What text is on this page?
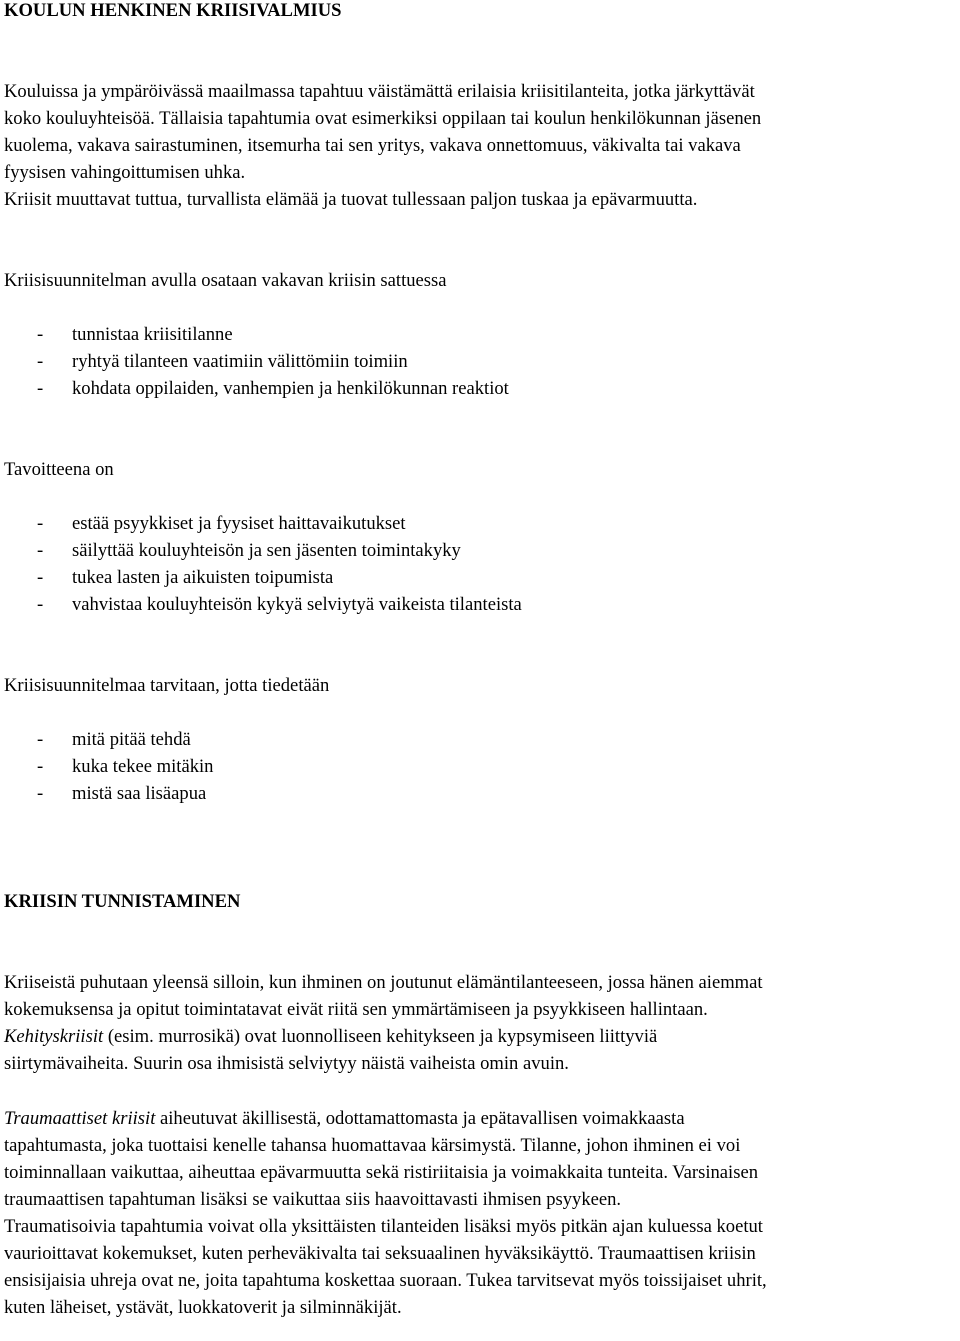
KOULUN HENKINEN KRIISIVALMIUS
Kouluissa ja ympäröivässä maailmassa tapahtuu väistämättä erilaisia kriisitilanteita, jotka järkyttävät
koko kouluyhteisöä. Tällaisia tapahtumia ovat esimerkiksi oppilaan tai koulun henkilökunnan jäsenen
kuolema, vakava sairastuminen, itsemurha tai sen yritys, vakava onnettomuus, väkivalta tai vakava
fyysisen vahingoittumisen uhka.
Kriisit muuttavat tuttua, turvallista elämää ja tuovat tullessaan paljon tuskaa ja epävarmuutta.
Kriisisuunnitelman avulla osataan vakavan kriisin sattuessa
- tunnistaa kriisitilanne
- ryhtyä tilanteen vaatimiin välittömiin toimiin
- kohdata oppilaiden, vanhempien ja henkilökunnan reaktiot
Tavoitteena on
- estää psyykkiset ja fyysiset haittavaikutukset
- säilyttää kouluyhteisön ja sen jäsenten toimintakyky
- tukea lasten ja aikuisten toipumista
- vahvistaa kouluyhteisön kykyä selviytyä vaikeista tilanteista
Kriisisuunnitelmaa tarvitaan, jotta tiedetään
- mitä pitää tehdä
- kuka tekee mitäkin
- mistä saa lisäapua
KRIISIN TUNNISTAMINEN
Kriiseistä puhutaan yleensä silloin, kun ihminen on joutunut elämäntilanteeseen, jossa hänen aiemmat
kokemuksensa ja opitut toimintatavat eivät riitä sen ymmärtämiseen ja psyykkiseen hallintaan.
Kehityskriisit (esim. murrosikä) ovat luonnolliseen kehitykseen ja kypsymiseen liittyviä
siirtymävaiheita. Suurin osa ihmisistä selviytyy näistä vaiheista omin avuin.
Traumaattiset kriisit aiheutuvat äkillisestä, odottamattomasta ja epätavallisen voimakkaasta
tapahtumasta, joka tuottaisi kenelle tahansa huomattavaa kärsimystä. Tilanne, johon ihminen ei voi
toiminnallaan vaikuttaa, aiheuttaa epävarmuutta sekä ristiriitaisia ja voimakkaita tunteita. Varsinaisen
traumaattisen tapahtuman lisäksi se vaikuttaa siis haavoittavasti ihmisen psyykeen.
Traumatisoivia tapahtumia voivat olla yksittäisten tilanteiden lisäksi myös pitkän ajan kuluessa koetut
vaurioittavat kokemukset, kuten perheväkivalta tai seksuaalinen hyväksikäyttö. Traumaattisen kriisin
ensisijaisia uhreja ovat ne, joita tapahtuma koskettaa suoraan. Tukea tarvitsevat myös toissijaiset uhrit,
kuten läheiset, ystävät, luokkatoverit ja silminnäkijät.
